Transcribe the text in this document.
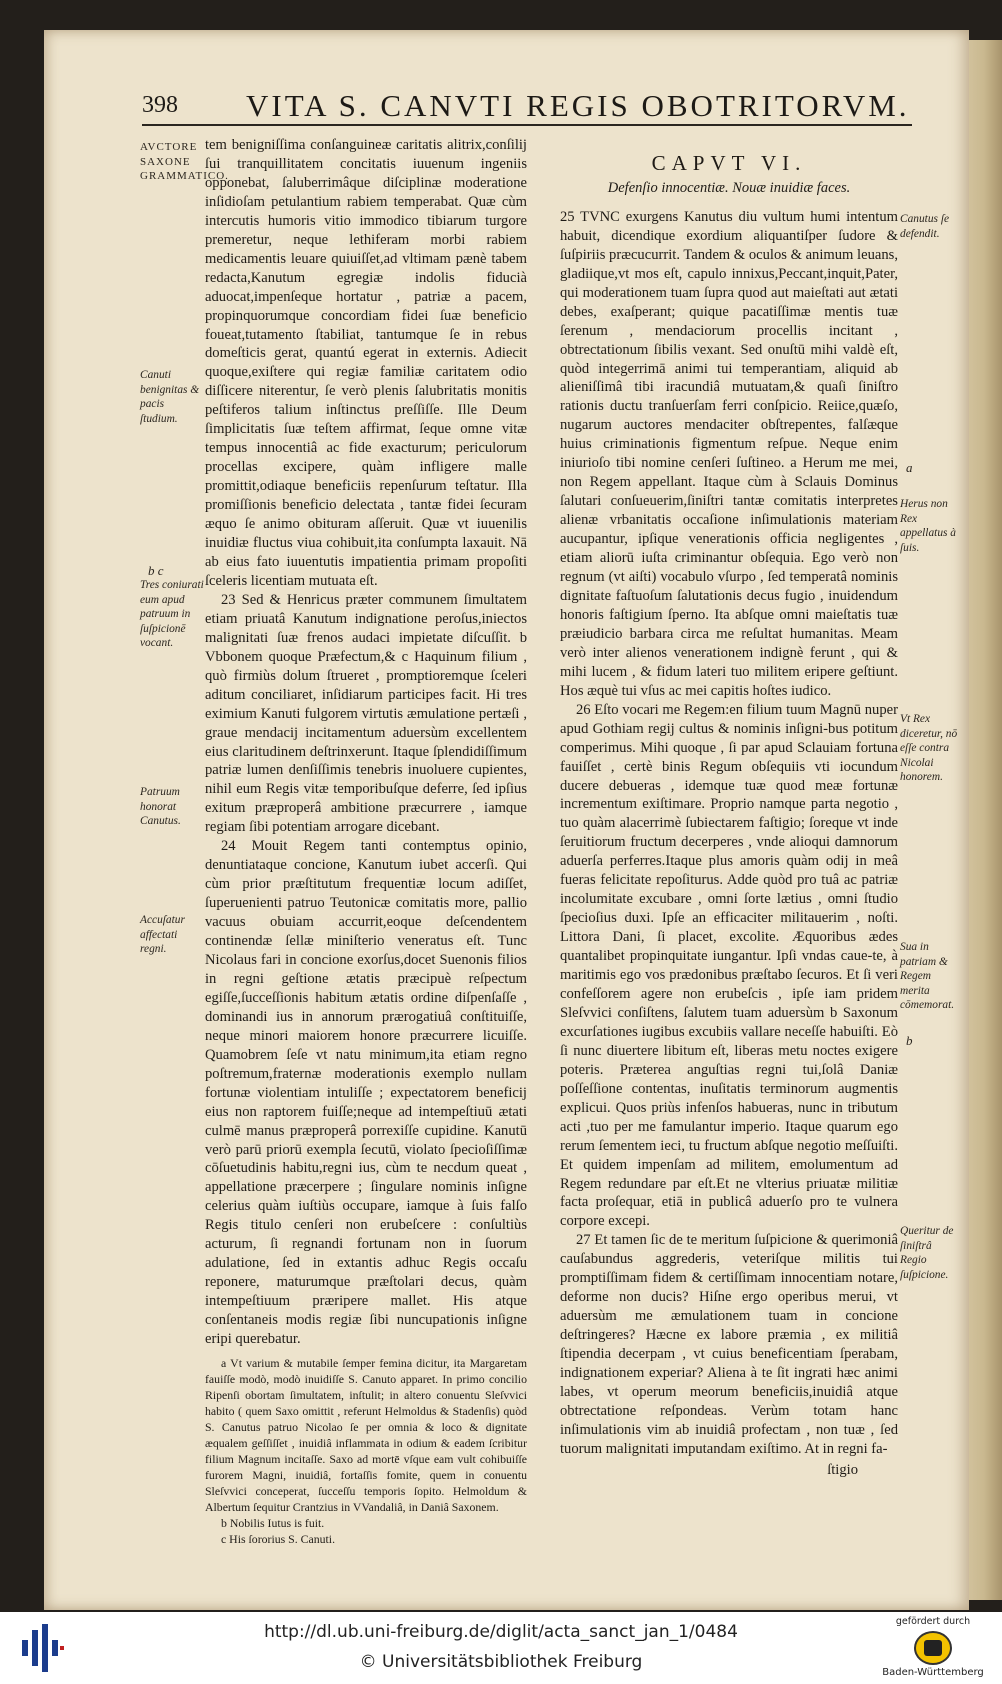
398 VITA S. CANVTI REGIS OBOTRITORVM.
AVCTORE SAXONE GRAMMATICO.
Canuti benignitas & pacis ſtudium.
b c
Tres coniurati eum apud patruum in ſuſpicionē vocant.
Patruum honorat Canutus.
Accuſatur affectati regni.

tem benigniſſima conſanguineæ caritatis alitrix,conſilij ſui tranquillitatem concitatis iuuenum ingeniis opponebat, ſaluberrimâque diſciplinæ moderatione inſidioſam petulantium rabiem temperabat. Quæ cùm intercutis humoris vitio immodico tibiarum turgore premeretur, neque lethiferam morbi rabiem medicamentis leuare quiuiſſet,ad vltimam pænè tabem redacta,Kanutum egregiæ indolis fiducià aduocat,impenſeque hortatur , patriæ a pacem, propinquorumque concordiam fidei ſuæ beneficio foueat,tutamento ſtabiliat, tantumque ſe in rebus domeſticis gerat, quantú egerat in externis. Adiecit quoque,exiſtere qui regiæ familiæ caritatem odio diſſicere niterentur, ſe verò plenis ſalubritatis monitis peſtiferos talium inſtinctus preſſiſſe. Ille Deum ſimplicitatis ſuæ teſtem affirmat, ſeque omne vitæ tempus innocentiâ ac fide exacturum; periculorum procellas excipere, quàm infligere malle promittit,odiaque beneficiis repenſurum teſtatur. Illa promiſſionis beneficio delectata , tantæ fidei ſecuram æquo ſe animo obituram aſſeruit. Quæ vt iuuenilis inuidiæ fluctus viua cohibuit,ita conſumpta laxauit. Nā ab eius fato iuuentutis impatientia primam propoſiti ſceleris licentiam mutuata eſt.

23 Sed & Henricus præter communem ſimultatem etiam priuatâ Kanutum indignatione peroſus,iniectos malignitati ſuæ frenos audaci impietate diſcuſſit. b Vbbonem quoque Præfectum,& c Haquinum filium , quò firmiùs dolum ſtrueret , promptioremque ſceleri aditum conciliaret, inſidiarum participes facit. Hi tres eximium Kanuti fulgorem virtutis æmulatione pertæſi , graue mendacij incitamentum aduersùm excellentem eius claritudinem deſtrinxerunt. Itaque ſplendidiſſimum patriæ lumen denſiſſimis tenebris inuoluere cupientes, nihil eum Regis vitæ temporibuſque deferre, ſed ipſius exitum præproperâ ambitione præcurrere , iamque regiam ſibi potentiam arrogare dicebant.

24 Mouit Regem tanti contemptus opinio, denuntiataque concione, Kanutum iubet accerſi. Qui cùm prior præſtitutum frequentiæ locum adiſſet, ſuperuenienti patruo Teutonicæ comitatis more, pallio vacuus obuiam accurrit,eoque deſcendentem continendæ ſellæ miniſterio veneratus eſt. Tunc Nicolaus fari in concione exorſus,docet Suenonis filios in regni geſtione ætatis præcipuè reſpectum egiſſe,ſucceſſionis habitum ætatis ordine diſpenſaſſe , dominandi ius in annorum prærogatiuâ conſtituiſſe, neque minori maiorem honore præcurrere licuiſſe. Quamobrem ſeſe vt natu minimum,ita etiam regno poſtremum,fraternæ moderationis exemplo nullam fortunæ violentiam intuliſſe ; expectatorem beneficij eius non raptorem fuiſſe;neque ad intempeſtiuū ætati culmē manus præproperâ porrexiſſe cupidine. Kanutū verò parū priorū exempla ſecutū, violato ſpecioſiſſimæ cōſuetudinis habitu,regni ius, cùm te necdum queat , appellatione præcerpere ; ſingulare nominis inſigne celerius quàm iuſtiùs occupare, iamque à ſuis falſo Regis titulo cenſeri non erubeſcere : conſultiùs acturum, ſi regnandi fortunam non in ſuorum adulatione, ſed in extantis adhuc Regis occaſu reponere, maturumque præſtolari decus, quàm intempeſtiuum præripere mallet. His atque conſentaneis modis regiæ ſibi nuncupationis inſigne eripi querebatur.

a Vt varium & mutabile ſemper femina dicitur, ita Margaretam fauiſſe modò, modò inuidiſſe S. Canuto apparet. In primo concilio Ripenſi obortam ſimultatem, inſtulit; in altero conuentu Sleſvvici habito ( quem Saxo omittit , referunt Helmoldus & Stadenſis) quòd S. Canutus patruo Nicolao ſe per omnia & loco & dignitate æqualem geſſiſſet , inuidiâ inflammata in odium & eadem ſcribitur filium Magnum incitaſſe. Saxo ad mortē vſque eam vult cohibuiſſe furorem Magni, inuidiâ, fortaſſis fomite, quem in conuentu Sleſvvici conceperat, ſucceſſu temporis ſopito. Helmoldum & Albertum ſequitur Crantzius in VVandaliâ, in Daniâ Saxonem.

b Nobilis Iutus is fuit.

c His ſororius S. Canuti.

CAPVT VI.
Defenſio innocentiæ. Nouæ inuidiæ faces.

25 TVNC exurgens Kanutus diu vultum humi intentum habuit, dicendique exordium aliquantiſper ſudore & ſuſpiriis præcucurrit. Tandem & oculos & animum leuans, gladiique,vt mos eſt, capulo innixus,Peccant,inquit,Pater, qui moderationem tuam ſupra quod aut maieſtati aut ætati debes, exaſperant; quique pacatiſſimæ mentis tuæ ſerenum , mendaciorum procellis incitant , obtrectationum ſibilis vexant. Sed onuſtū mihi valdè eſt, quòd integerrimā animi tui temperantiam, aliquid ab alieniſſimâ tibi iracundiâ mutuatam,& quaſi ſiniſtro rationis ductu tranſuerſam ferri conſpicio. Reiice,quæſo, nugarum auctores mendaciter obſtrepentes, falſæque huius criminationis figmentum reſpue. Neque enim iniurioſo tibi nomine cenſeri ſuſtineo. a Herum me mei, non Regem appellant. Itaque cùm à Sclauis Dominus ſalutari conſueuerim,ſiniſtri tantæ comitatis interpretes alienæ vrbanitatis occaſione inſimulationis materiam aucupantur, ipſique venerationis officia negligentes , etiam aliorū iuſta criminantur obſequia. Ego verò non regnum (vt aiſti) vocabulo vſurpo , ſed temperatâ nominis dignitate faſtuoſum ſalutationis decus fugio , inuidendum honoris faſtigium ſperno. Ita abſque omni maieſtatis tuæ præiudicio barbara circa me reſultat humanitas. Meam verò inter alienos venerationem indignè ferunt , qui & mihi lucem , & fidum lateri tuo militem eripere geſtiunt. Hos æquè tui vſus ac mei capitis hoſtes iudico.

26 Eſto vocari me Regem:en filium tuum Magnū nuper apud Gothiam regij cultus & nominis inſigni-bus potitum comperimus. Mihi quoque , ſi par apud Sclauiam fortuna fauiſſet , certè binis Regum obſequiis vti iocundum ducere debueras , idemque tuæ quod meæ fortunæ incrementum exiſtimare. Proprio namque parta negotio , tuo quàm alacerrimè ſubiectarem faſtigio; ſoreque vt inde ſeruitiorum fructum decerperes , vnde alioqui damnorum aduerſa perferres.Itaque plus amoris quàm odij in meâ fueras felicitate repoſiturus. Adde quòd pro tuâ ac patriæ incolumitate excubare , omni ſorte lætius , omni ſtudio ſpecioſius duxi. Ipſe an efficaciter militauerim , noſti. Littora Dani, ſi placet, excolite. Æquoribus ædes quantalibet propinquitate iungantur. Ipſi vndas caue-te, à maritimis ego vos prædonibus præſtabo ſecuros. Et ſi veri confeſſorem agere non erubeſcis , ipſe iam pridem Sleſvvici conſiſtens, ſalutem tuam aduersùm b Saxonum excurſationes iugibus excubiis vallare neceſſe habuiſti. Eò ſi nunc diuertere libitum eſt, liberas metu noctes exigere poteris. Præterea anguſtias regni tui,ſolâ Daniæ poſſeſſione contentas, inuſitatis terminorum augmentis explicui. Quos priùs infenſos habueras, nunc in tributum acti ,tuo per me famulantur imperio. Itaque quarum ego rerum ſementem ieci, tu fructum abſque negotio meſſuiſti. Et quidem impenſam ad militem, emolumentum ad Regem redundare par eſt.Et ne vlterius priuatæ militiæ facta proſequar, etiā in publicâ aduerſo pro te vulnera corpore excepi.

27 Et tamen ſic de te meritum ſuſpicione & querimoniâ cauſabundus aggrederis, veteriſque militis tui promptiſſimam fidem & certiſſimam innocentiam notare, deforme non ducis? Hiſne ergo operibus merui, vt aduersùm me æmulationem tuam in concione deſtringeres? Hæcne ex labore præmia , ex militiâ ſtipendia decerpam , vt cuius beneficentiam ſperabam, indignationem experiar? Aliena à te ſit ingrati hæc animi labes, vt operum meorum beneficiis,inuidiâ atque obtrectatione reſpondeas. Verùm totam hanc inſimulationis vim ab inuidiâ profectam , non tuæ , ſed tuorum malignitati imputandam exiſtimo. At in regni fa-

ſtigio
Canutus ſe defendit.
a
Herus non Rex appellatus à ſuis.
Vt Rex diceretur, nō eſſe contra Nicolai honorem.
Sua in patriam & Regem merita cōmemorat.
b
Queritur de ſiniſtrâ Regio ſuſpicione.
http://dl.ub.uni-freiburg.de/diglit/acta_sanct_jan_1/0484
© Universitätsbibliothek Freiburg
gefördert durch
Baden-Württemberg
